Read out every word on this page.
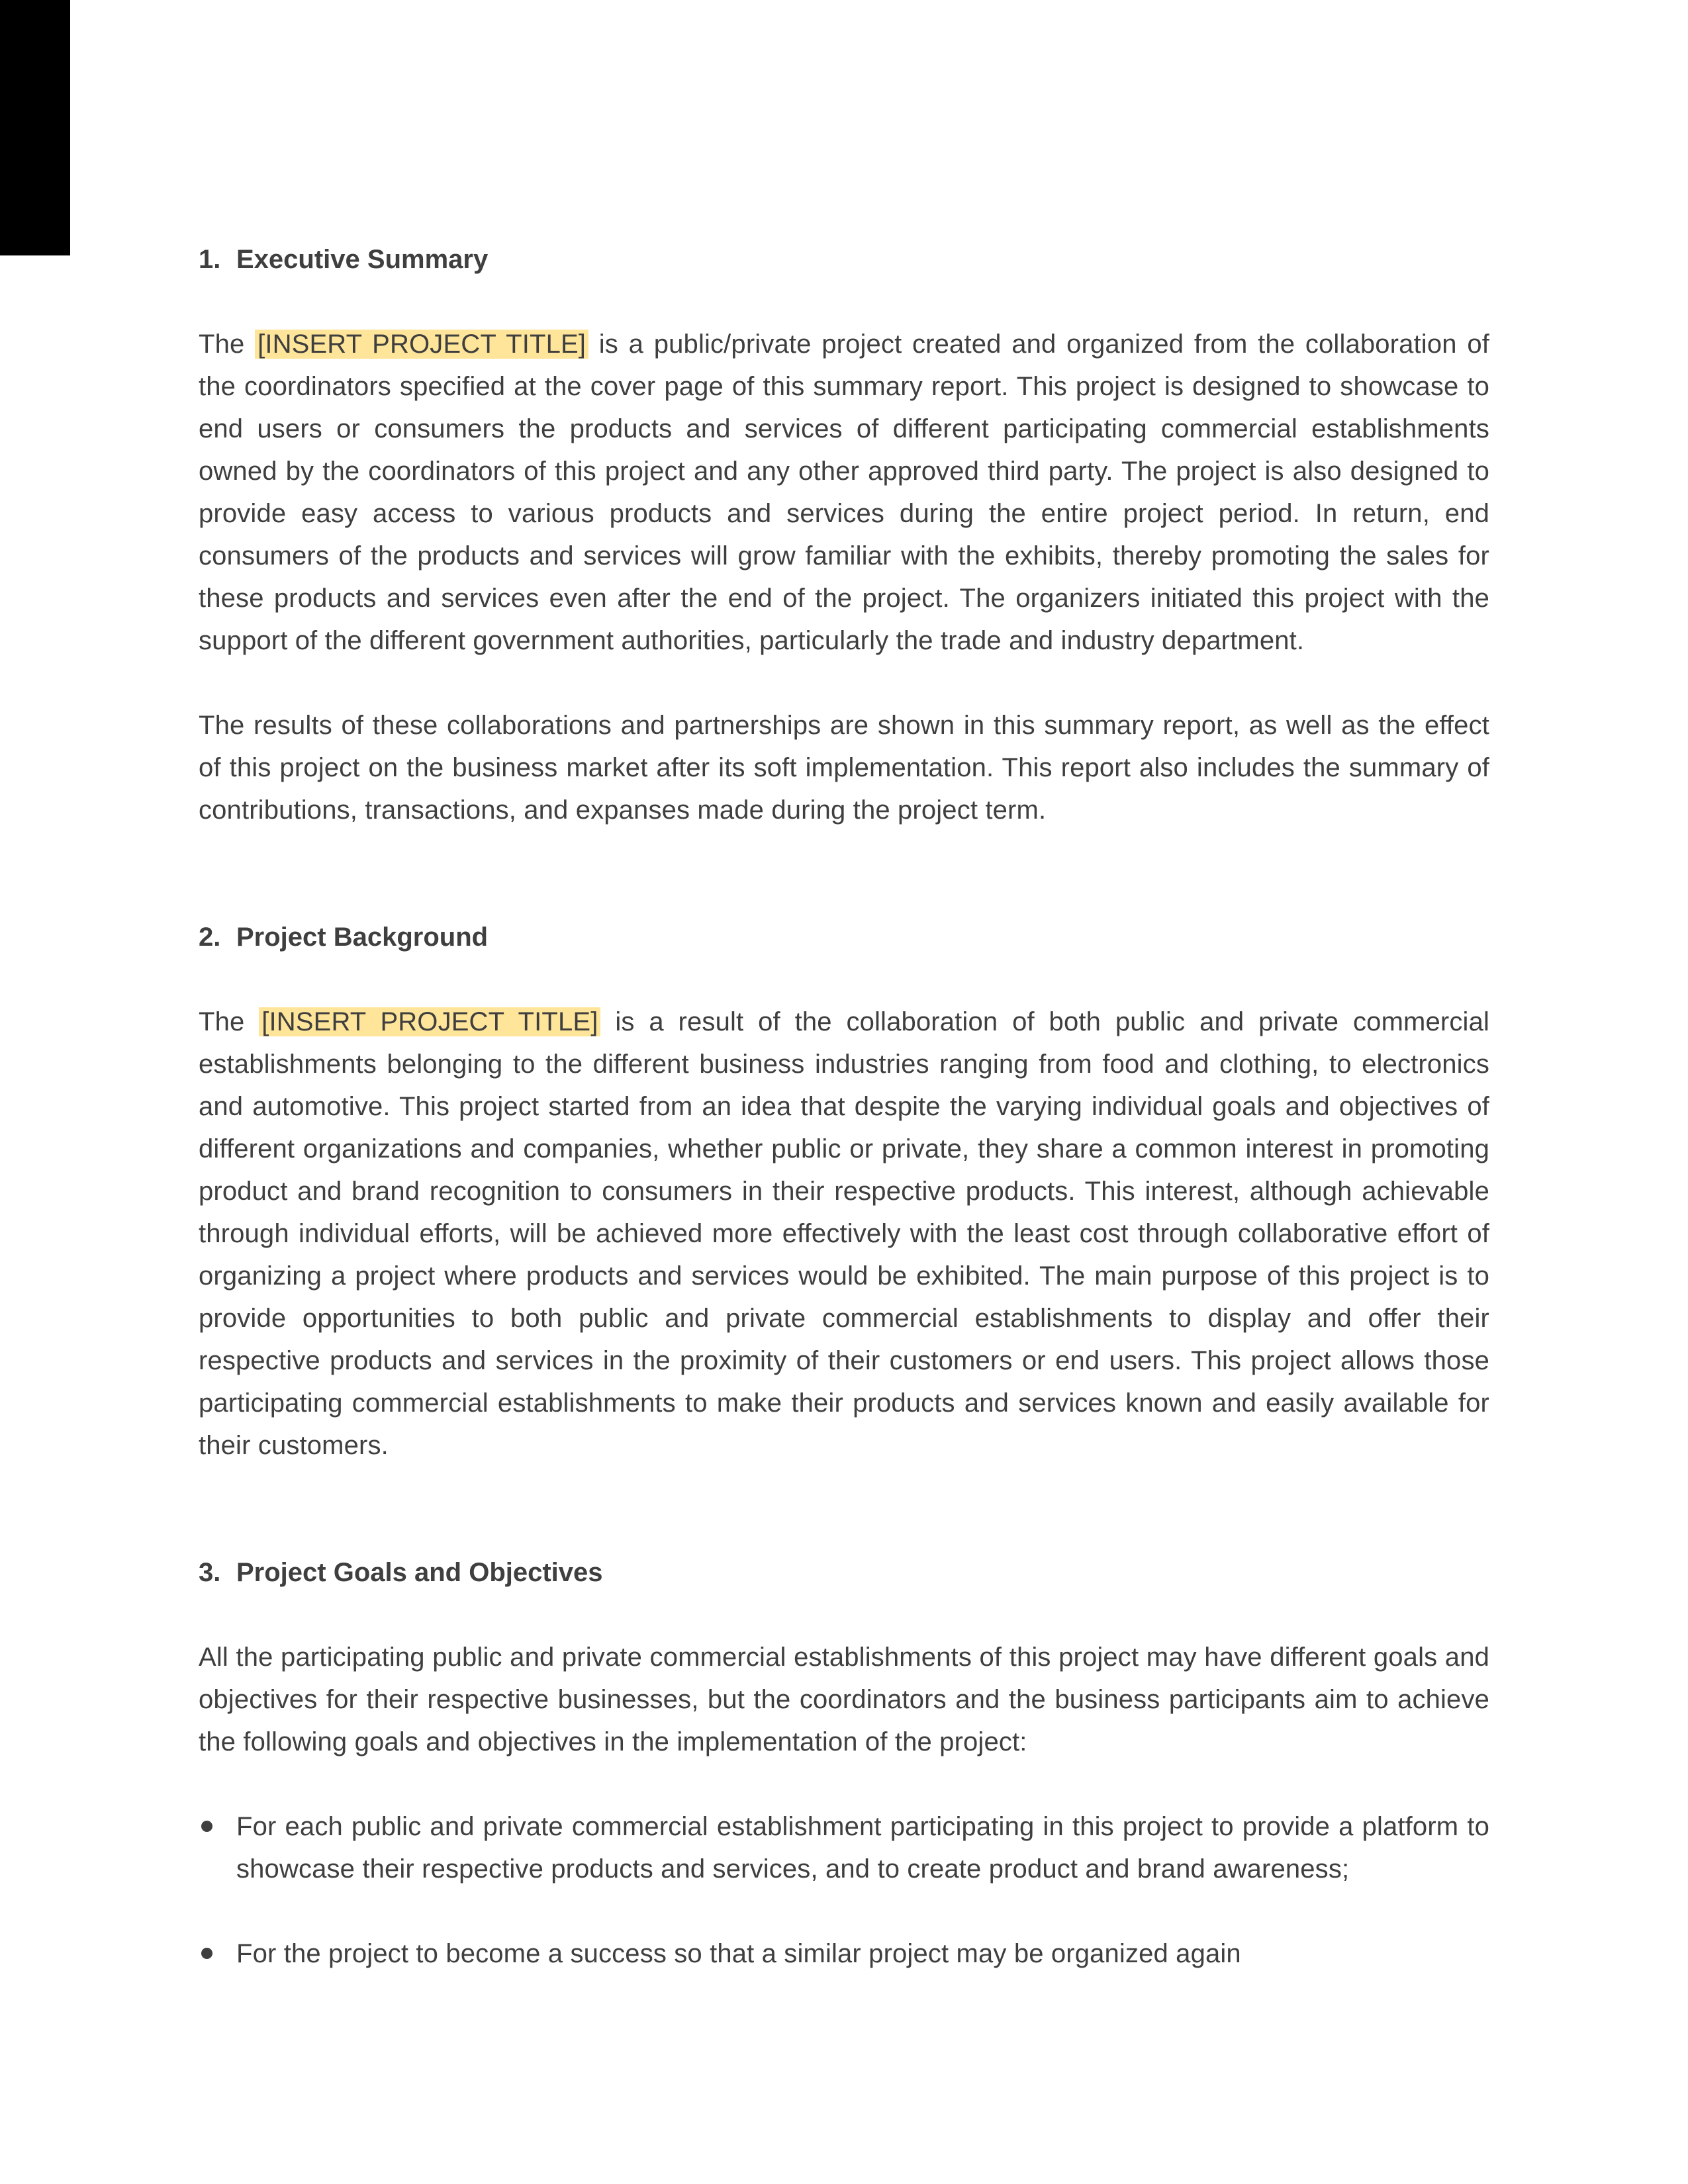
1. Executive Summary

The [INSERT PROJECT TITLE] is a public/private project created and organized from the collaboration of the coordinators specified at the cover page of this summary report. This project is designed to showcase to end users or consumers the products and services of different participating commercial establishments owned by the coordinators of this project and any other approved third party. The project is also designed to provide easy access to various products and services during the entire project period. In return, end consumers of the products and services will grow familiar with the exhibits, thereby promoting the sales for these products and services even after the end of the project. The organizers initiated this project with the support of the different government authorities, particularly the trade and industry department.

The results of these collaborations and partnerships are shown in this summary report, as well as the effect of this project on the business market after its soft implementation. This report also includes the summary of contributions, transactions, and expanses made during the project term.

2. Project Background

The [INSERT PROJECT TITLE] is a result of the collaboration of both public and private commercial establishments belonging to the different business industries ranging from food and clothing, to electronics and automotive. This project started from an idea that despite the varying individual goals and objectives of different organizations and companies, whether public or private, they share a common interest in promoting product and brand recognition to consumers in their respective products. This interest, although achievable through individual efforts, will be achieved more effectively with the least cost through collaborative effort of organizing a project where products and services would be exhibited. The main purpose of this project is to provide opportunities to both public and private commercial establishments to display and offer their respective products and services in the proximity of their customers or end users. This project allows those participating commercial establishments to make their products and services known and easily available for their customers.

3. Project Goals and Objectives

All the participating public and private commercial establishments of this project may have different goals and objectives for their respective businesses, but the coordinators and the business participants aim to achieve the following goals and objectives in the implementation of the project:

For each public and private commercial establishment participating in this project to provide a platform to showcase their respective products and services, and to create product and brand awareness;
For the project to become a success so that a similar project may be organized again
